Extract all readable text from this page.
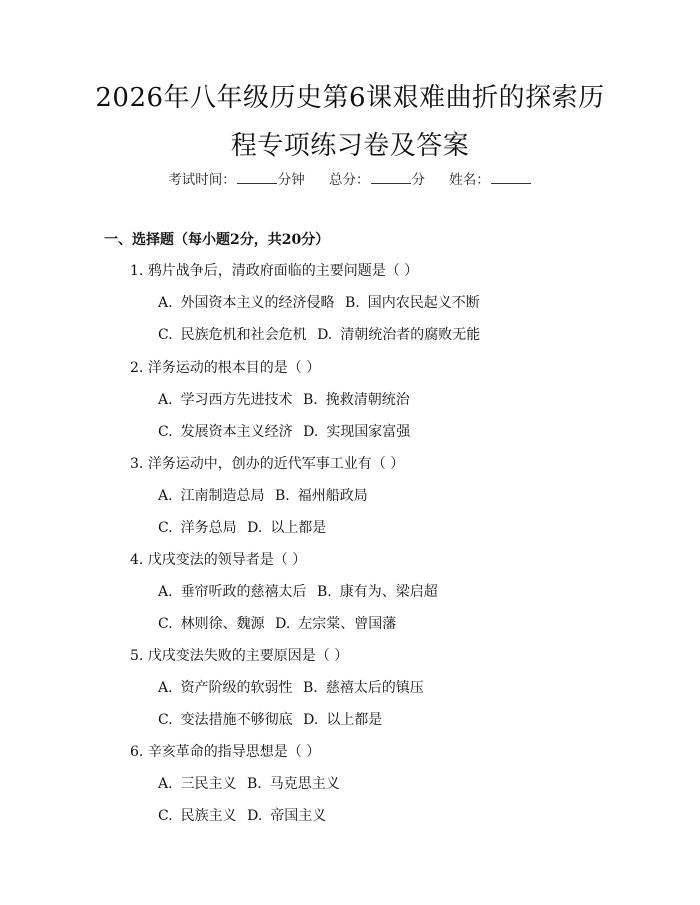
2026年八年级历史第6课艰难曲折的探索历
程专项练习卷及答案
考试时间：	分钟 总分：	分 姓名：
一、选择题（每小题2分，共20分）
1. 鸦片战争后，清政府面临的主要问题是（ ）
A. 外国资本主义的经济侵略 B. 国内农民起义不断
C. 民族危机和社会危机 D. 清朝统治者的腐败无能
2. 洋务运动的根本目的是（ ）
A. 学习西方先进技术 B. 挽救清朝统治
C. 发展资本主义经济 D. 实现国家富强
3. 洋务运动中，创办的近代军事工业有（ ）
A. 江南制造总局 B. 福州船政局
C. 洋务总局 D. 以上都是
4. 戊戌变法的领导者是（ ）
A. 垂帘听政的慈禧太后 B. 康有为、梁启超
C. 林则徐、魏源 D. 左宗棠、曾国藩
5. 戊戌变法失败的主要原因是（ ）
A. 资产阶级的软弱性 B. 慈禧太后的镇压
C. 变法措施不够彻底 D. 以上都是
6. 辛亥革命的指导思想是（ ）
A. 三民主义 B. 马克思主义
C. 民族主义 D. 帝国主义
